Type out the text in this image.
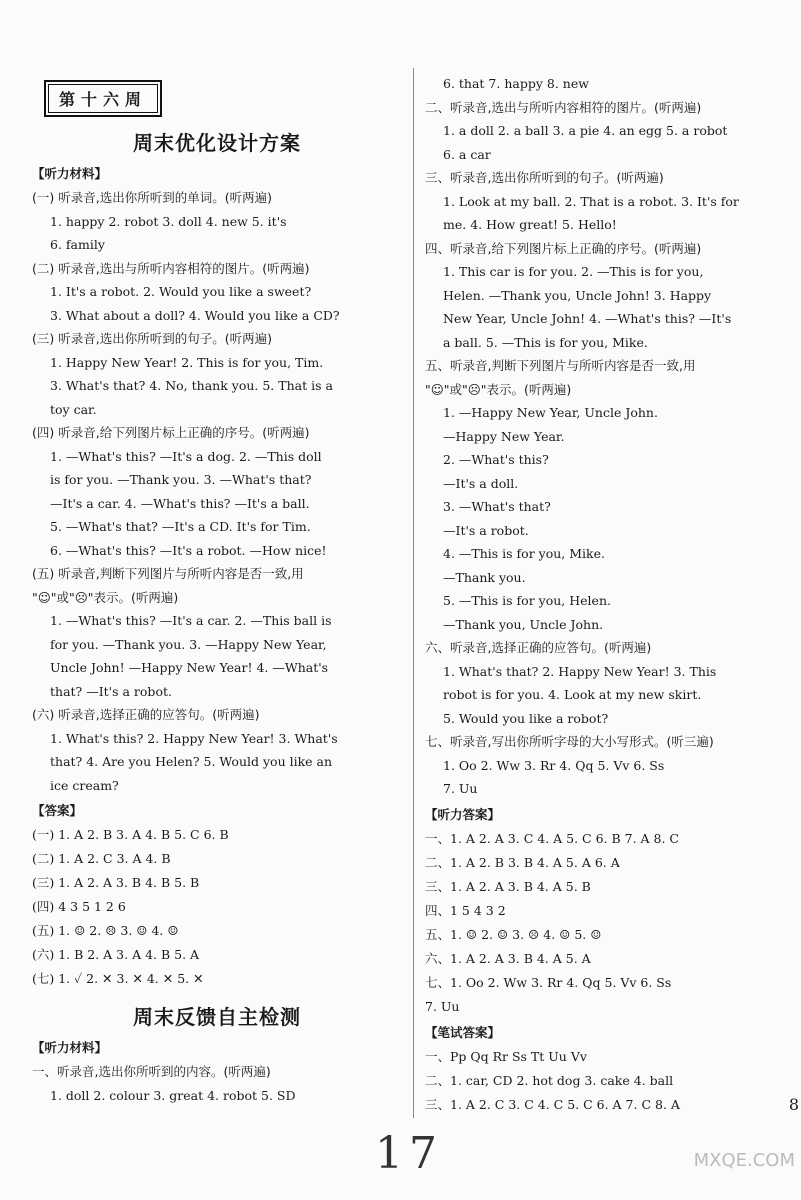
第十六周
周末优化设计方案
【听力材料】
(一) 听录音,选出你所听到的单词。(听两遍)
1. happy 2. robot 3. doll 4. new 5. it's
6. family
(二) 听录音,选出与所听内容相符的图片。(听两遍)
1. It's a robot. 2. Would you like a sweet?
3. What about a doll? 4. Would you like a CD?
(三) 听录音,选出你所听到的句子。(听两遍)
1. Happy New Year! 2. This is for you, Tim.
3. What's that? 4. No, thank you. 5. That is a
toy car.
(四) 听录音,给下列图片标上正确的序号。(听两遍)
1. —What's this? —It's a dog. 2. —This doll
is for you. —Thank you. 3. —What's that?
—It's a car. 4. —What's this? —It's a ball.
5. —What's that? —It's a CD. It's for Tim.
6. —What's this? —It's a robot. —How nice!
(五) 听录音,判断下列图片与所听内容是否一致,用
"☺"或"☹"表示。(听两遍)
1. —What's this? —It's a car. 2. —This ball is
for you. —Thank you. 3. —Happy New Year,
Uncle John! —Happy New Year! 4. —What's
that? —It's a robot.
(六) 听录音,选择正确的应答句。(听两遍)
1. What's this? 2. Happy New Year! 3. What's
that? 4. Are you Helen? 5. Would you like an
ice cream?
【答案】
(一) 1. A 2. B 3. A 4. B 5. C 6. B
(二) 1. A 2. C 3. A 4. B
(三) 1. A 2. A 3. B 4. B 5. B
(四) 4 3 5 1 2 6
(五) 1. ☺ 2. ☹ 3. ☺ 4. ☺
(六) 1. B 2. A 3. A 4. B 5. A
(七) 1. ✓ 2. ✕ 3. ✕ 4. ✕ 5. ✕
周末反馈自主检测
【听力材料】
一、听录音,选出你所听到的内容。(听两遍)
1. doll 2. colour 3. great 4. robot 5. SD
6. that 7. happy 8. new
二、听录音,选出与所听内容相符的图片。(听两遍)
1. a doll 2. a ball 3. a pie 4. an egg 5. a robot
6. a car
三、听录音,选出你所听到的句子。(听两遍)
1. Look at my ball. 2. That is a robot. 3. It's for
me. 4. How great! 5. Hello!
四、听录音,给下列图片标上正确的序号。(听两遍)
1. This car is for you. 2. —This is for you,
Helen. —Thank you, Uncle John! 3. Happy
New Year, Uncle John! 4. —What's this? —It's
a ball. 5. —This is for you, Mike.
五、听录音,判断下列图片与所听内容是否一致,用
"☺"或"☹"表示。(听两遍)
1. —Happy New Year, Uncle John.
—Happy New Year.
2. —What's this?
—It's a doll.
3. —What's that?
—It's a robot.
4. —This is for you, Mike.
—Thank you.
5. —This is for you, Helen.
—Thank you, Uncle John.
六、听录音,选择正确的应答句。(听两遍)
1. What's that? 2. Happy New Year! 3. This
robot is for you. 4. Look at my new skirt.
5. Would you like a robot?
七、听录音,写出你所听字母的大小写形式。(听三遍)
1. Oo 2. Ww 3. Rr 4. Qq 5. Vv 6. Ss
7. Uu
【听力答案】
一、1. A 2. A 3. C 4. A 5. C 6. B 7. A 8. C
二、1. A 2. B 3. B 4. A 5. A 6. A
三、1. A 2. A 3. B 4. A 5. B
四、1 5 4 3 2
五、1. ☺ 2. ☺ 3. ☹ 4. ☺ 5. ☺
六、1. A 2. A 3. B 4. A 5. A
七、1. Oo 2. Ww 3. Rr 4. Qq 5. Vv 6. Ss
7. Uu
【笔试答案】
一、Pp Qq Rr Ss Tt Uu Vv
二、1. car, CD 2. hot dog 3. cake 4. ball
三、1. A 2. C 3. C 4. C 5. C 6. A 7. C 8. A	8
17	MXQE.COM
